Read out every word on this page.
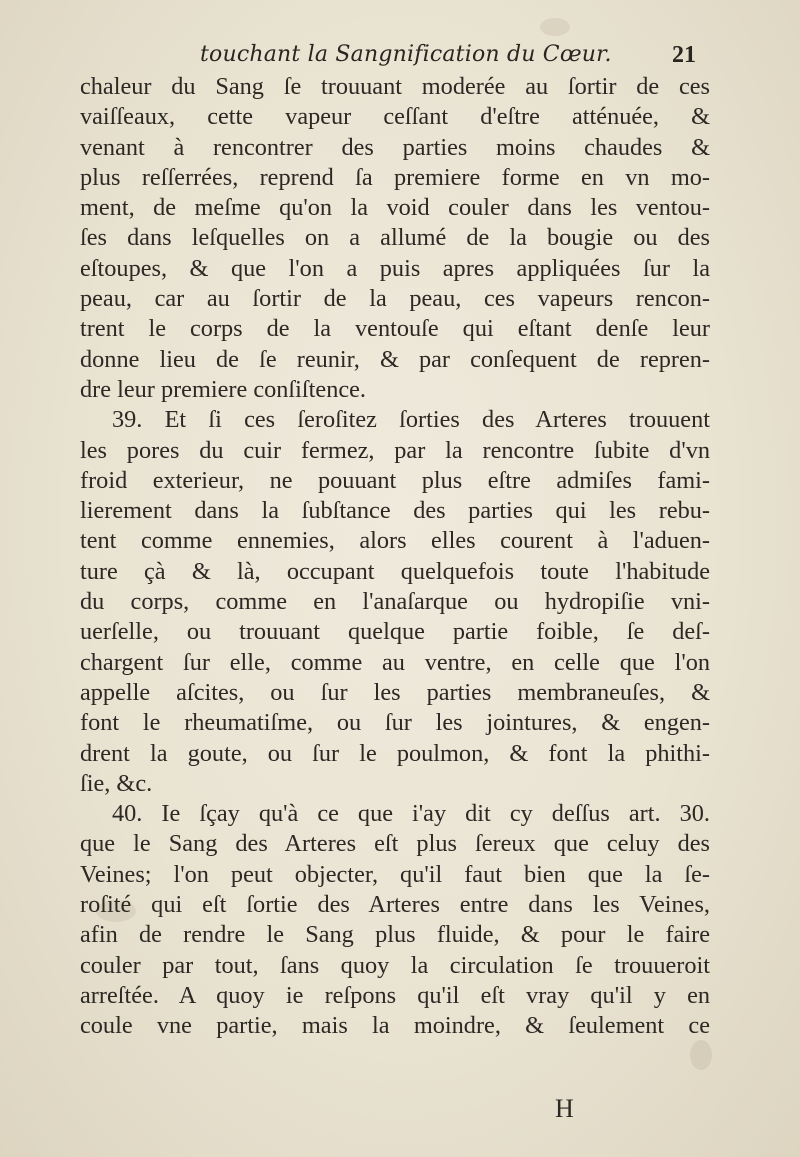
touchant la Sangnification du Cœur.	21
chaleur du Sang ſe trouuant moderée au ſortir de ces
vaiſſeaux, cette vapeur ceſſant d'eſtre atténuée, &
venant à rencontrer des parties moins chaudes &
plus reſſerrées, reprend ſa premiere forme en vn mo-
ment, de meſme qu'on la void couler dans les ventou-
ſes dans leſquelles on a allumé de la bougie ou des
eſtoupes, & que l'on a puis apres appliquées ſur la
peau, car au ſortir de la peau, ces vapeurs rencon-
trent le corps de la ventouſe qui eſtant denſe leur
donne lieu de ſe reunir, & par conſequent de repren-
dre leur premiere conſiſtence.
39. Et ſi ces ſeroſitez ſorties des Arteres trouuent
les pores du cuir fermez, par la rencontre ſubite d'vn
froid exterieur, ne pouuant plus eſtre admiſes fami-
lierement dans la ſubſtance des parties qui les rebu-
tent comme ennemies, alors elles courent à l'aduen-
ture çà & là, occupant quelquefois toute l'habitude
du corps, comme en l'anaſarque ou hydropiſie vni-
uerſelle, ou trouuant quelque partie foible, ſe deſ-
chargent ſur elle, comme au ventre, en celle que l'on
appelle aſcites, ou ſur les parties membraneuſes, &
font le rheumatiſme, ou ſur les jointures, & engen-
drent la goute, ou ſur le poulmon, & font la phithi-
ſie, &c.
40. Ie ſçay qu'à ce que i'ay dit cy deſſus art. 30.
que le Sang des Arteres eſt plus ſereux que celuy des
Veines; l'on peut objecter, qu'il faut bien que la ſe-
roſité qui eſt ſortie des Arteres entre dans les Veines,
afin de rendre le Sang plus fluide, & pour le faire
couler par tout, ſans quoy la circulation ſe trouueroit
arreſtée. A quoy ie reſpons qu'il eſt vray qu'il y en
coule vne partie, mais la moindre, & ſeulement ce
H
